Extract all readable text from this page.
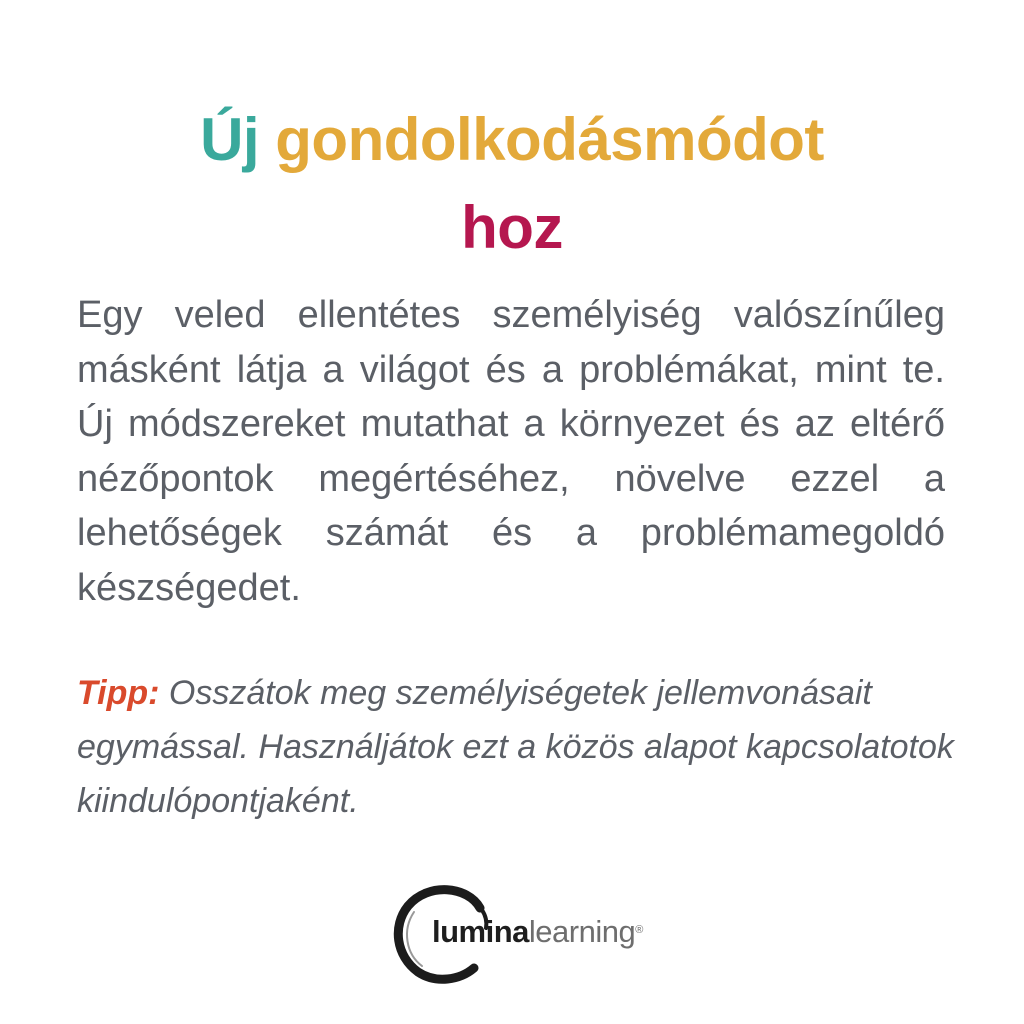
Új gondolkodásmódot
hoz

Egy veled ellentétes személyiség valószínűleg másként látja a világot és a problémákat, mint te. Új módszereket mutathat a környezet és az eltérő nézőpontok megértéséhez, növelve ezzel a lehetőségek számát és a problémamegoldó készségedet.

Tipp: Osszátok meg személyiségetek jellemvonásait egymással. Használjátok ezt a közös alapot kapcsolatotok kiindulópontjaként.

luminalearning®
